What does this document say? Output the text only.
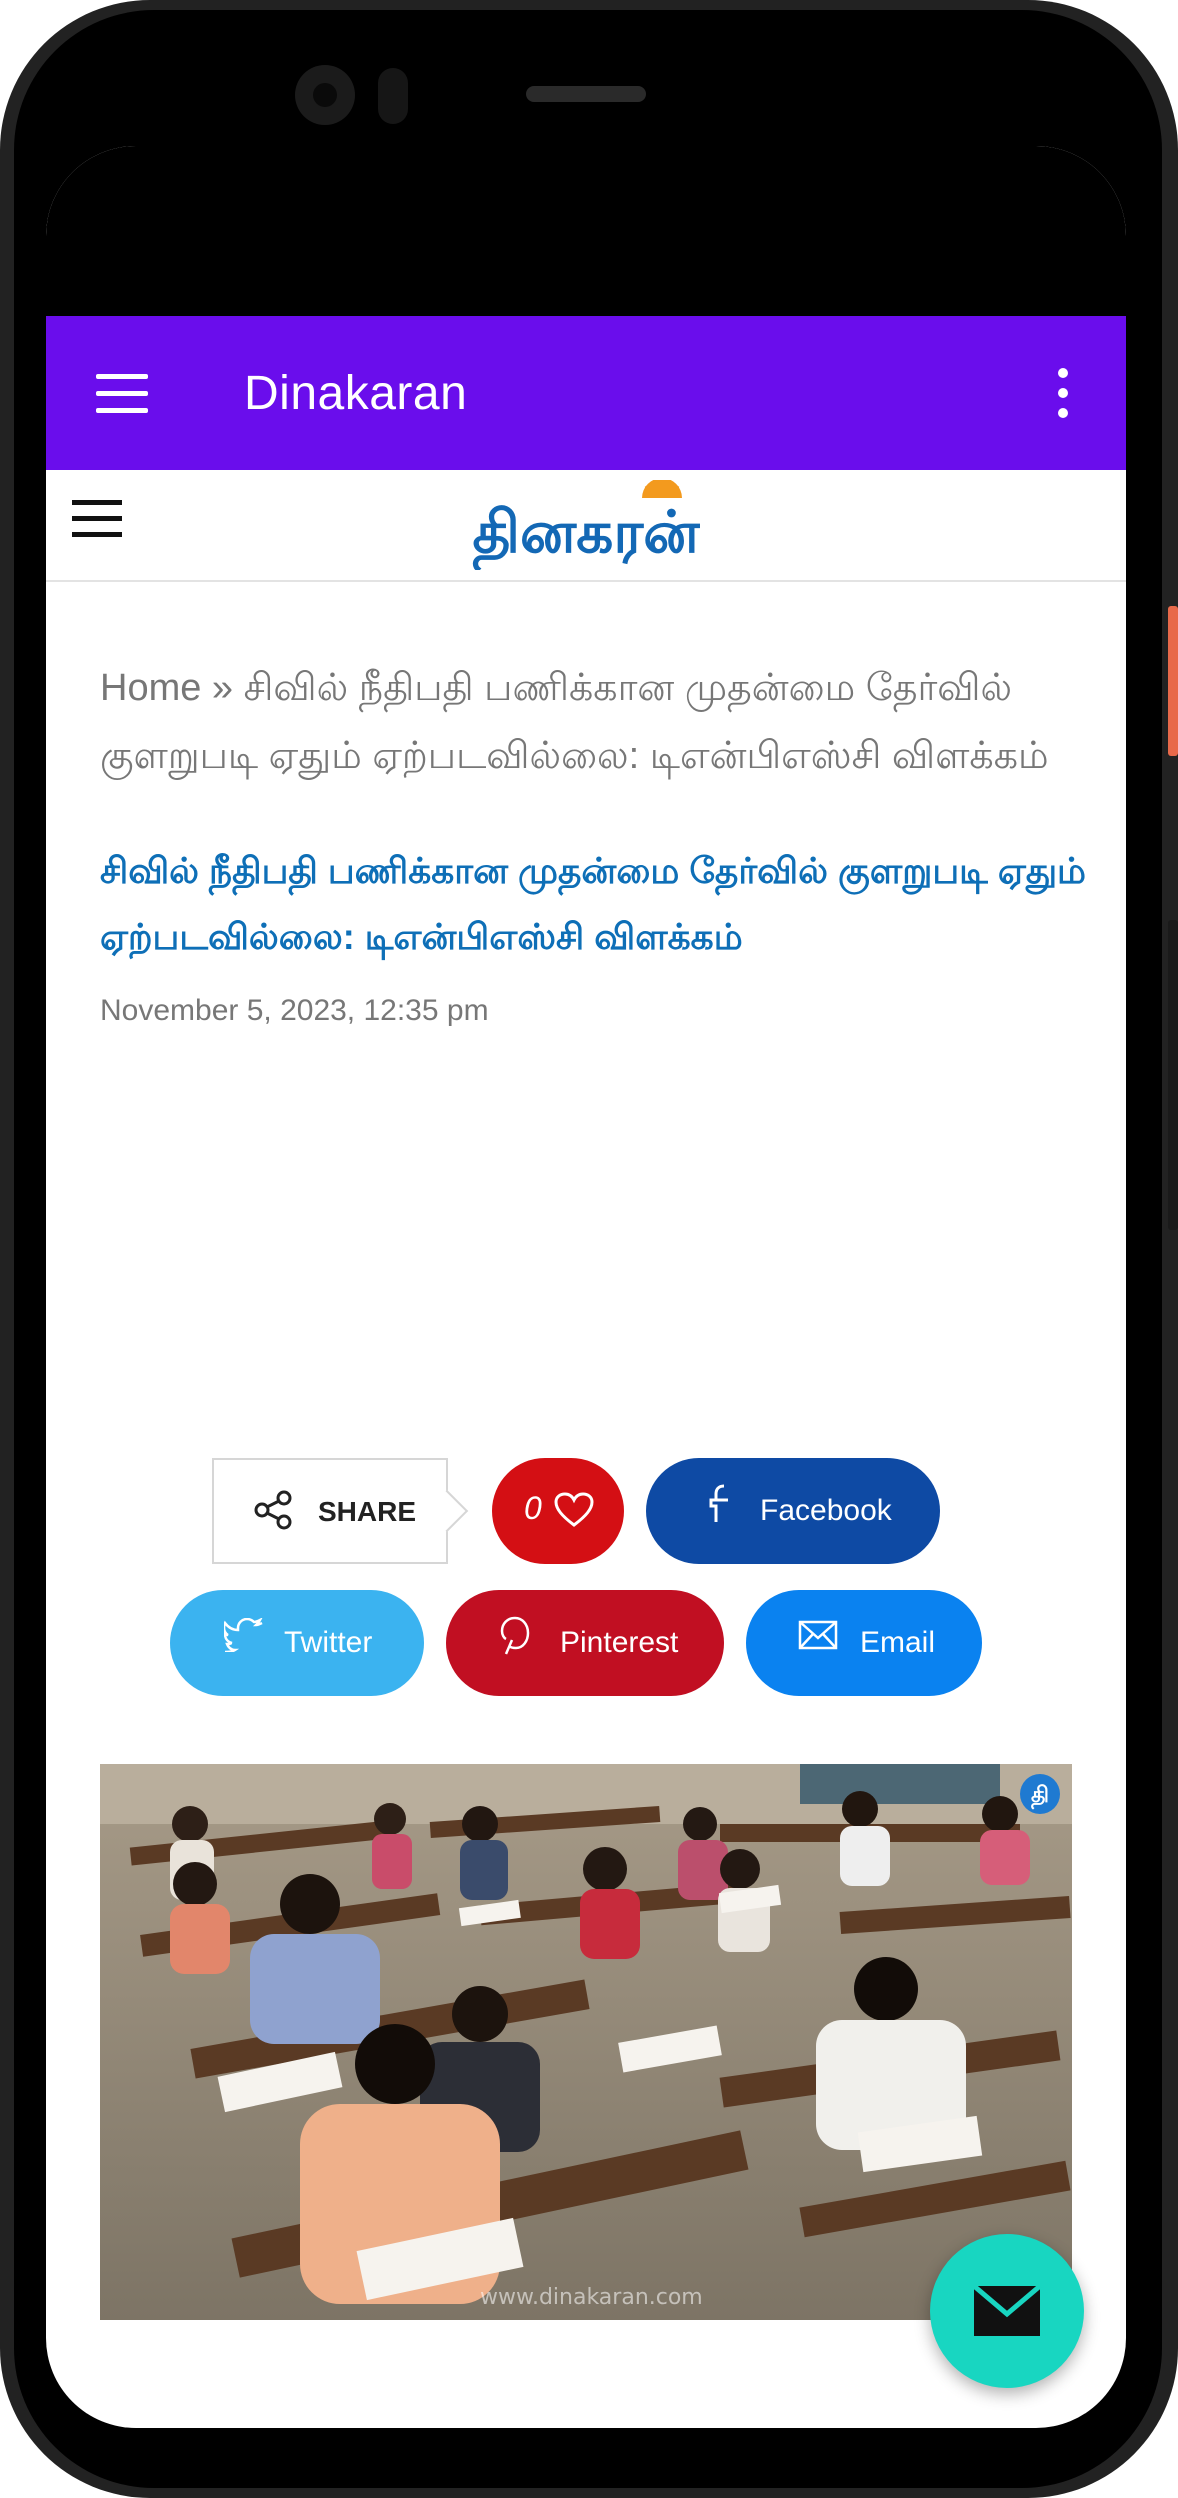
Dinakaran
தினகரன்
Home » சிவில் நீதிபதி பணிக்கான முதன்மை தேர்வில் குளறுபடி ஏதும் ஏற்படவில்லை: டிஎன்பிஎஸ்சி விளக்கம்
சிவில் நீதிபதி பணிக்கான முதன்மை தேர்வில் குளறுபடி ஏதும் ஏற்படவில்லை: டிஎன்பிஎஸ்சி விளக்கம்
November 5, 2023, 12:35 pm
SHARE	0	Facebook
Twitter	Pinterest	Email
www.dinakaran.com
தி
